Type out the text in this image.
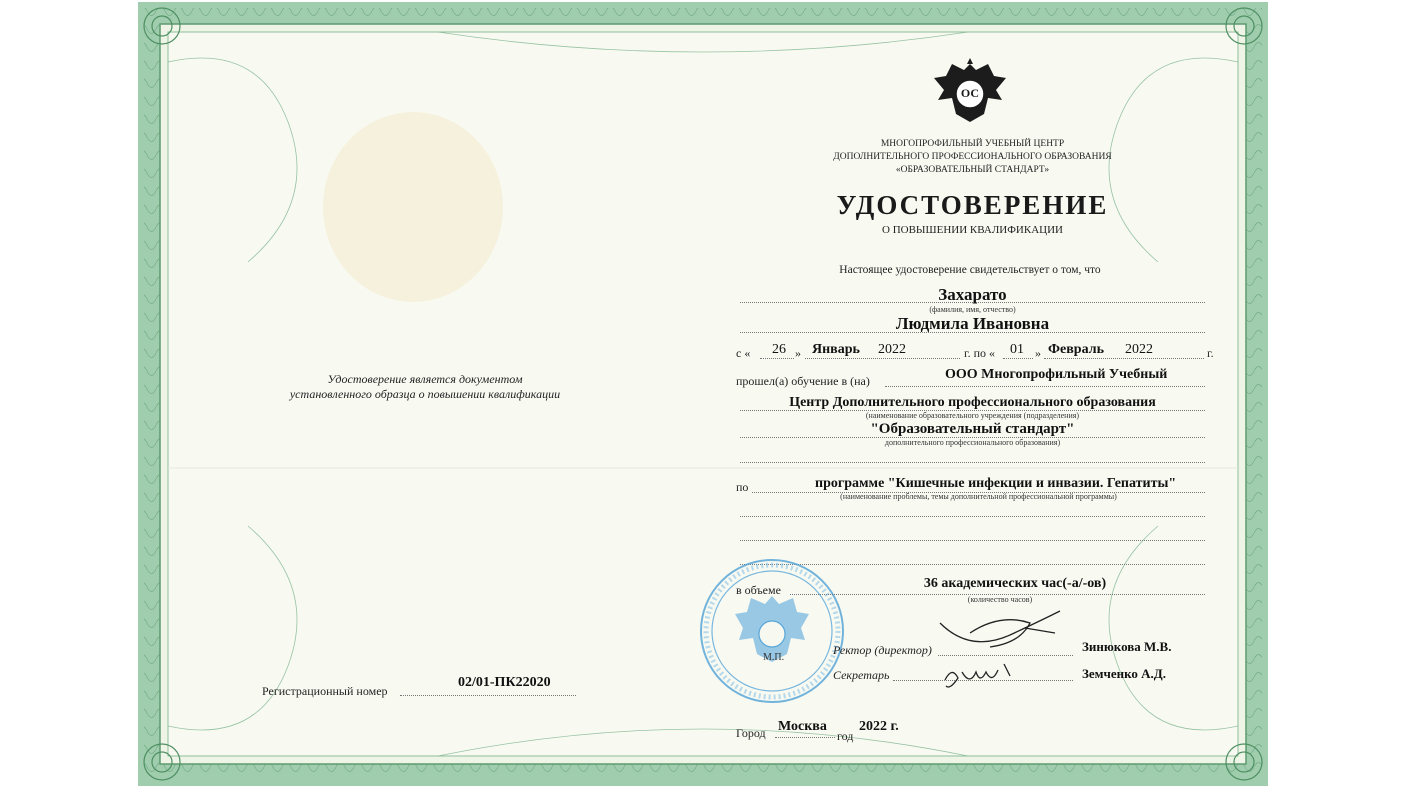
Удостоверение является документом
установленного образца о повышении квалификации
Регистрационный номер
02/01-ПК22020
ОС
МНОГОПРОФИЛЬНЫЙ УЧЕБНЫЙ ЦЕНТР
ДОПОЛНИТЕЛЬНОГО ПРОФЕССИОНАЛЬНОГО ОБРАЗОВАНИЯ
«ОБРАЗОВАТЕЛЬНЫЙ СТАНДАРТ»
УДОСТОВЕРЕНИЕ
О ПОВЫШЕНИИ КВАЛИФИКАЦИИ
Настоящее удостоверение свидетельствует о том, что
Захарато
(фамилия, имя, отчество)
Людмила Ивановна
с « 26 » Январь 2022	г. по « 01 » Февраль 2022	г.
прошел(а) обучение в (на)	ООО Многопрофильный Учебный
Центр Дополнительного профессионального образования
(наименование образовательного учреждения (подразделения)
"Образовательный стандарт"
дополнительного профессионального образования)
по	программе "Кишечные инфекции и инвазии. Гепатиты"
(наименование проблемы, темы дополнительной профессиональной программы)
М.П.
в объеме	36 академических час(-а/-ов)
(количество часов)
Ректор (директор)	Зинюкова М.В.
Секретарь	Земченко А.Д.
Город Москва
год
2022 г.
